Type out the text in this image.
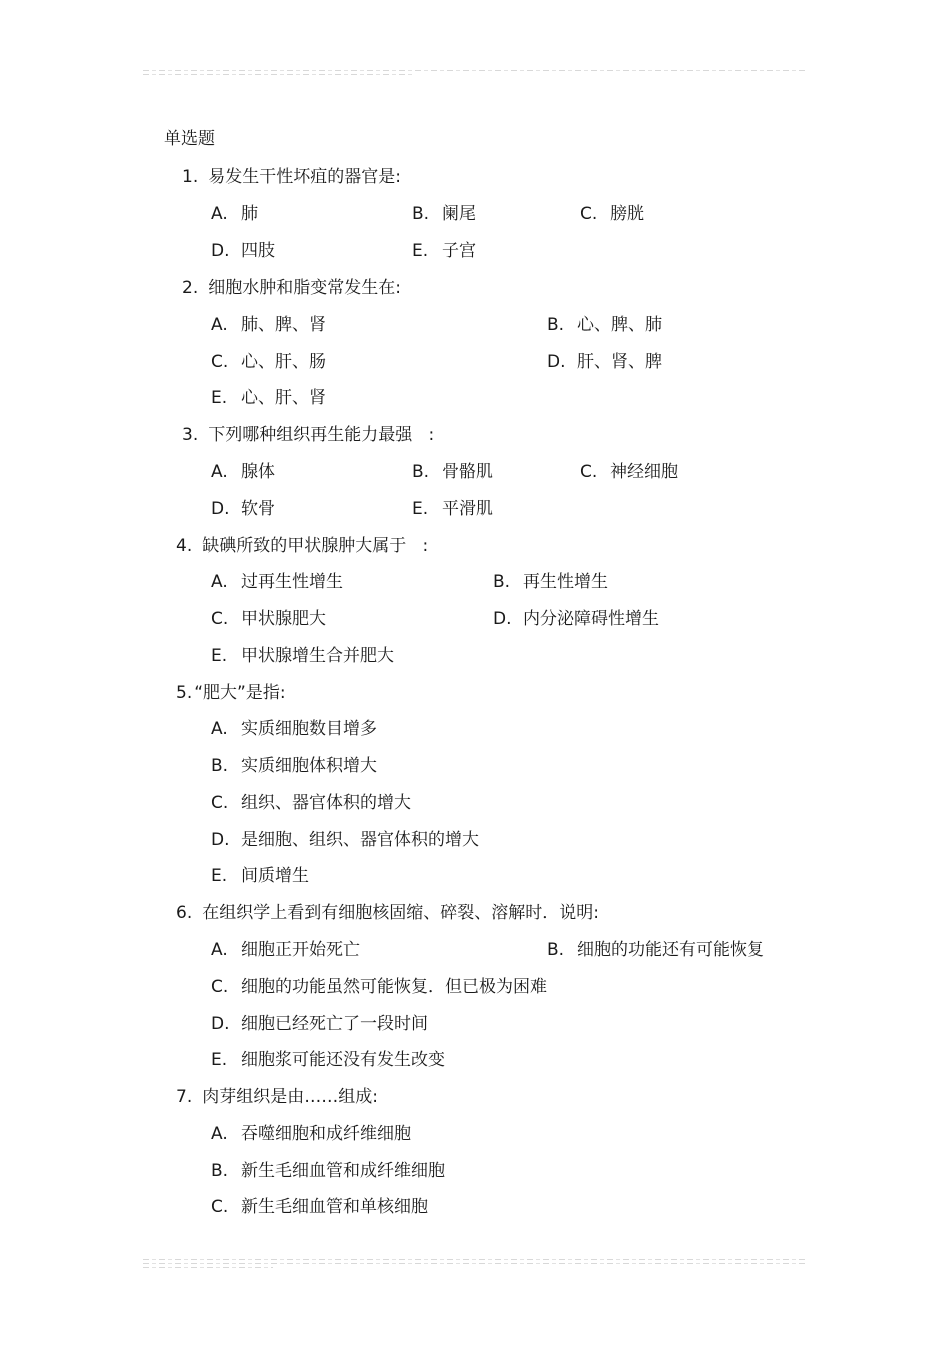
单选题
1. 易发生干性坏疽的器官是:
A. 肺	B. 阑尾	C. 膀胱
D. 四肢	E. 子宫
2. 细胞水肿和脂变常发生在:
A. 肺、脾、肾	B. 心、脾、肺
C. 心、肝、肠	D. 肝、肾、脾
E. 心、肝、肾
3. 下列哪种组织再生能力最强   :
A. 腺体	B. 骨骼肌	C. 神经细胞
D. 软骨	E. 平滑肌
4. 缺碘所致的甲状腺肿大属于   :
A. 过再生性增生	B. 再生性增生
C. 甲状腺肥大	D. 内分泌障碍性增生
E. 甲状腺增生合并肥大
5. “肥大”是指:
A. 实质细胞数目增多
B. 实质细胞体积增大
C. 组织、器官体积的增大
D. 是细胞、组织、器官体积的增大
E. 间质增生
6. 在组织学上看到有细胞核固缩、碎裂、溶解时．说明:
A. 细胞正开始死亡	B. 细胞的功能还有可能恢复
C. 细胞的功能虽然可能恢复．但已极为困难
D. 细胞已经死亡了一段时间
E. 细胞浆可能还没有发生改变
7. 肉芽组织是由……组成:
A. 吞噬细胞和成纤维细胞
B. 新生毛细血管和成纤维细胞
C. 新生毛细血管和单核细胞
